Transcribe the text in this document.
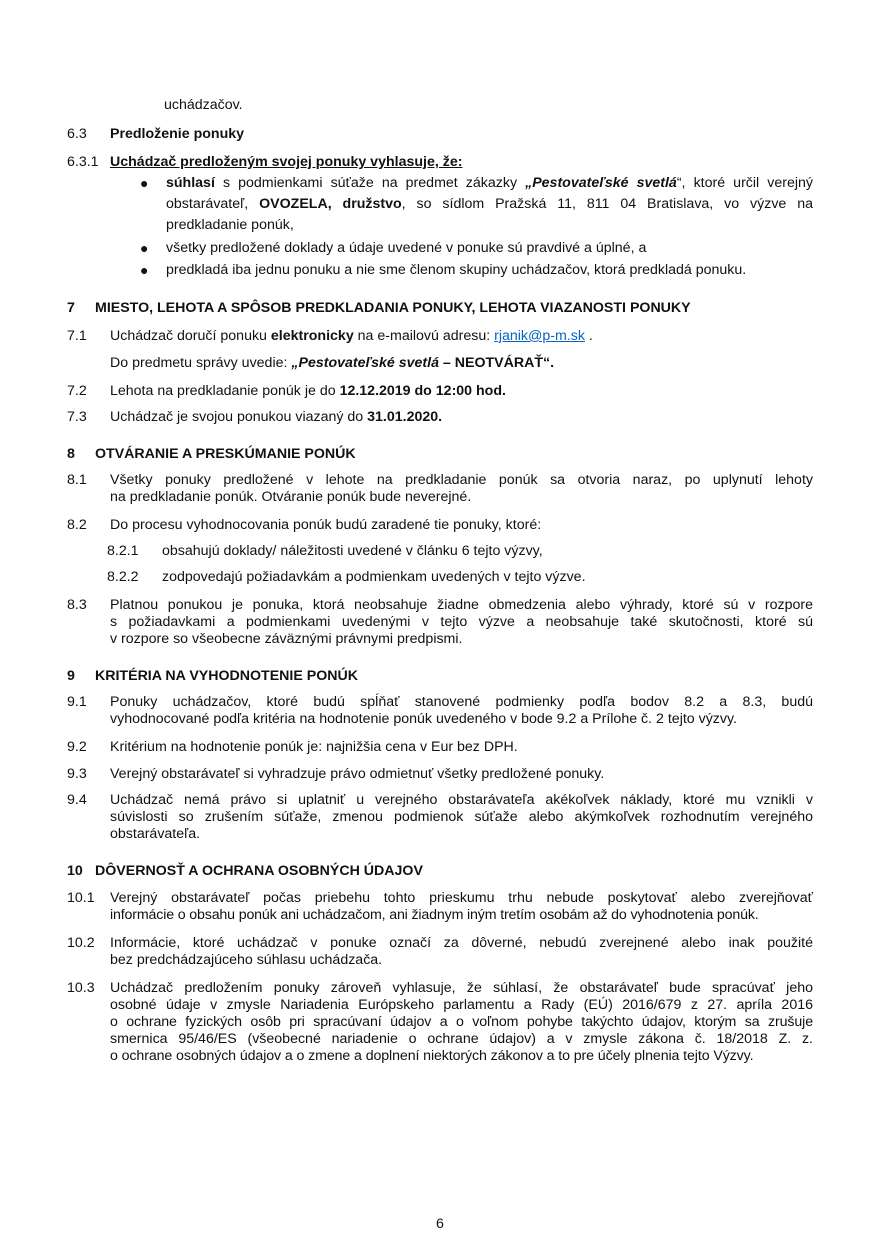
uchádzačov.
6.3 Predloženie ponuky
6.3.1 Uchádzač predloženým svojej ponuky vyhlasuje, že:
● súhlasí s podmienkami súťaže na predmet zákazky „Pestovateľské svetlá“, ktoré určil verejný
obstarávateľ, OVOZELA, družstvo, so sídlom Pražská 11, 811 04 Bratislava, vo výzve na
predkladanie ponúk,
● všetky predložené doklady a údaje uvedené v ponuke sú pravdivé a úplné, a
● predkladá iba jednu ponuku a nie sme členom skupiny uchádzačov, ktorá predkladá ponuku.
7 MIESTO, LEHOTA A SPÔSOB PREDKLADANIA PONUKY, LEHOTA VIAZANOSTI PONUKY
7.1 Uchádzač doručí ponuku elektronicky na e-mailovú adresu: rjanik@p-m.sk .
Do predmetu správy uvedie: „Pestovateľské svetlá – NEOTVÁRAŤ“.
7.2 Lehota na predkladanie ponúk je do 12.12.2019 do 12:00 hod.
7.3 Uchádzač je svojou ponukou viazaný do 31.01.2020.
8 OTVÁRANIE A PRESKÚMANIE PONÚK
8.1 Všetky ponuky predložené v lehote na predkladanie ponúk sa otvoria naraz, po uplynutí lehoty
na predkladanie ponúk. Otváranie ponúk bude neverejné.
8.2 Do procesu vyhodnocovania ponúk budú zaradené tie ponuky, ktoré:
8.2.1 obsahujú doklady/ náležitosti uvedené v článku 6 tejto výzvy,
8.2.2 zodpovedajú požiadavkám a podmienkam uvedených v tejto výzve.
8.3 Platnou ponukou je ponuka, ktorá neobsahuje žiadne obmedzenia alebo výhrady, ktoré sú v rozpore
s požiadavkami a podmienkami uvedenými v tejto výzve a neobsahuje také skutočnosti, ktoré sú
v rozpore so všeobecne záväznými právnymi predpismi.
9 KRITÉRIA NA VYHODNOTENIE PONÚK
9.1 Ponuky uchádzačov, ktoré budú spĺňať stanovené podmienky podľa bodov 8.2 a 8.3, budú
vyhodnocované podľa kritéria na hodnotenie ponúk uvedeného v bode 9.2 a Prílohe č. 2 tejto výzvy.
9.2 Kritérium na hodnotenie ponúk je: najnižšia cena v Eur bez DPH.
9.3 Verejný obstarávateľ si vyhradzuje právo odmietnuť všetky predložené ponuky.
9.4 Uchádzač nemá právo si uplatniť u verejného obstarávateľa akékoľvek náklady, ktoré mu vznikli v
súvislosti so zrušením súťaže, zmenou podmienok súťaže alebo akýmkoľvek rozhodnutím verejného
obstarávateľa.
10 DÔVERNOSŤ A OCHRANA OSOBNÝCH ÚDAJOV
10.1 Verejný obstarávateľ počas priebehu tohto prieskumu trhu nebude poskytovať alebo zverejňovať
informácie o obsahu ponúk ani uchádzačom, ani žiadnym iným tretím osobám až do vyhodnotenia ponúk.
10.2 Informácie, ktoré uchádzač v ponuke označí za dôverné, nebudú zverejnené alebo inak použité
bez predchádzajúceho súhlasu uchádzača.
10.3 Uchádzač predložením ponuky zároveň vyhlasuje, že súhlasí, že obstarávateľ bude spracúvať jeho
osobné údaje v zmysle Nariadenia Európskeho parlamentu a Rady (EÚ) 2016/679 z 27. apríla 2016
o ochrane fyzických osôb pri spracúvaní údajov a o voľnom pohybe takýchto údajov, ktorým sa zrušuje
smernica 95/46/ES (všeobecné nariadenie o ochrane údajov) a v zmysle zákona č. 18/2018 Z. z.
o ochrane osobných údajov a o zmene a doplnení niektorých zákonov a to pre účely plnenia tejto Výzvy.
6
